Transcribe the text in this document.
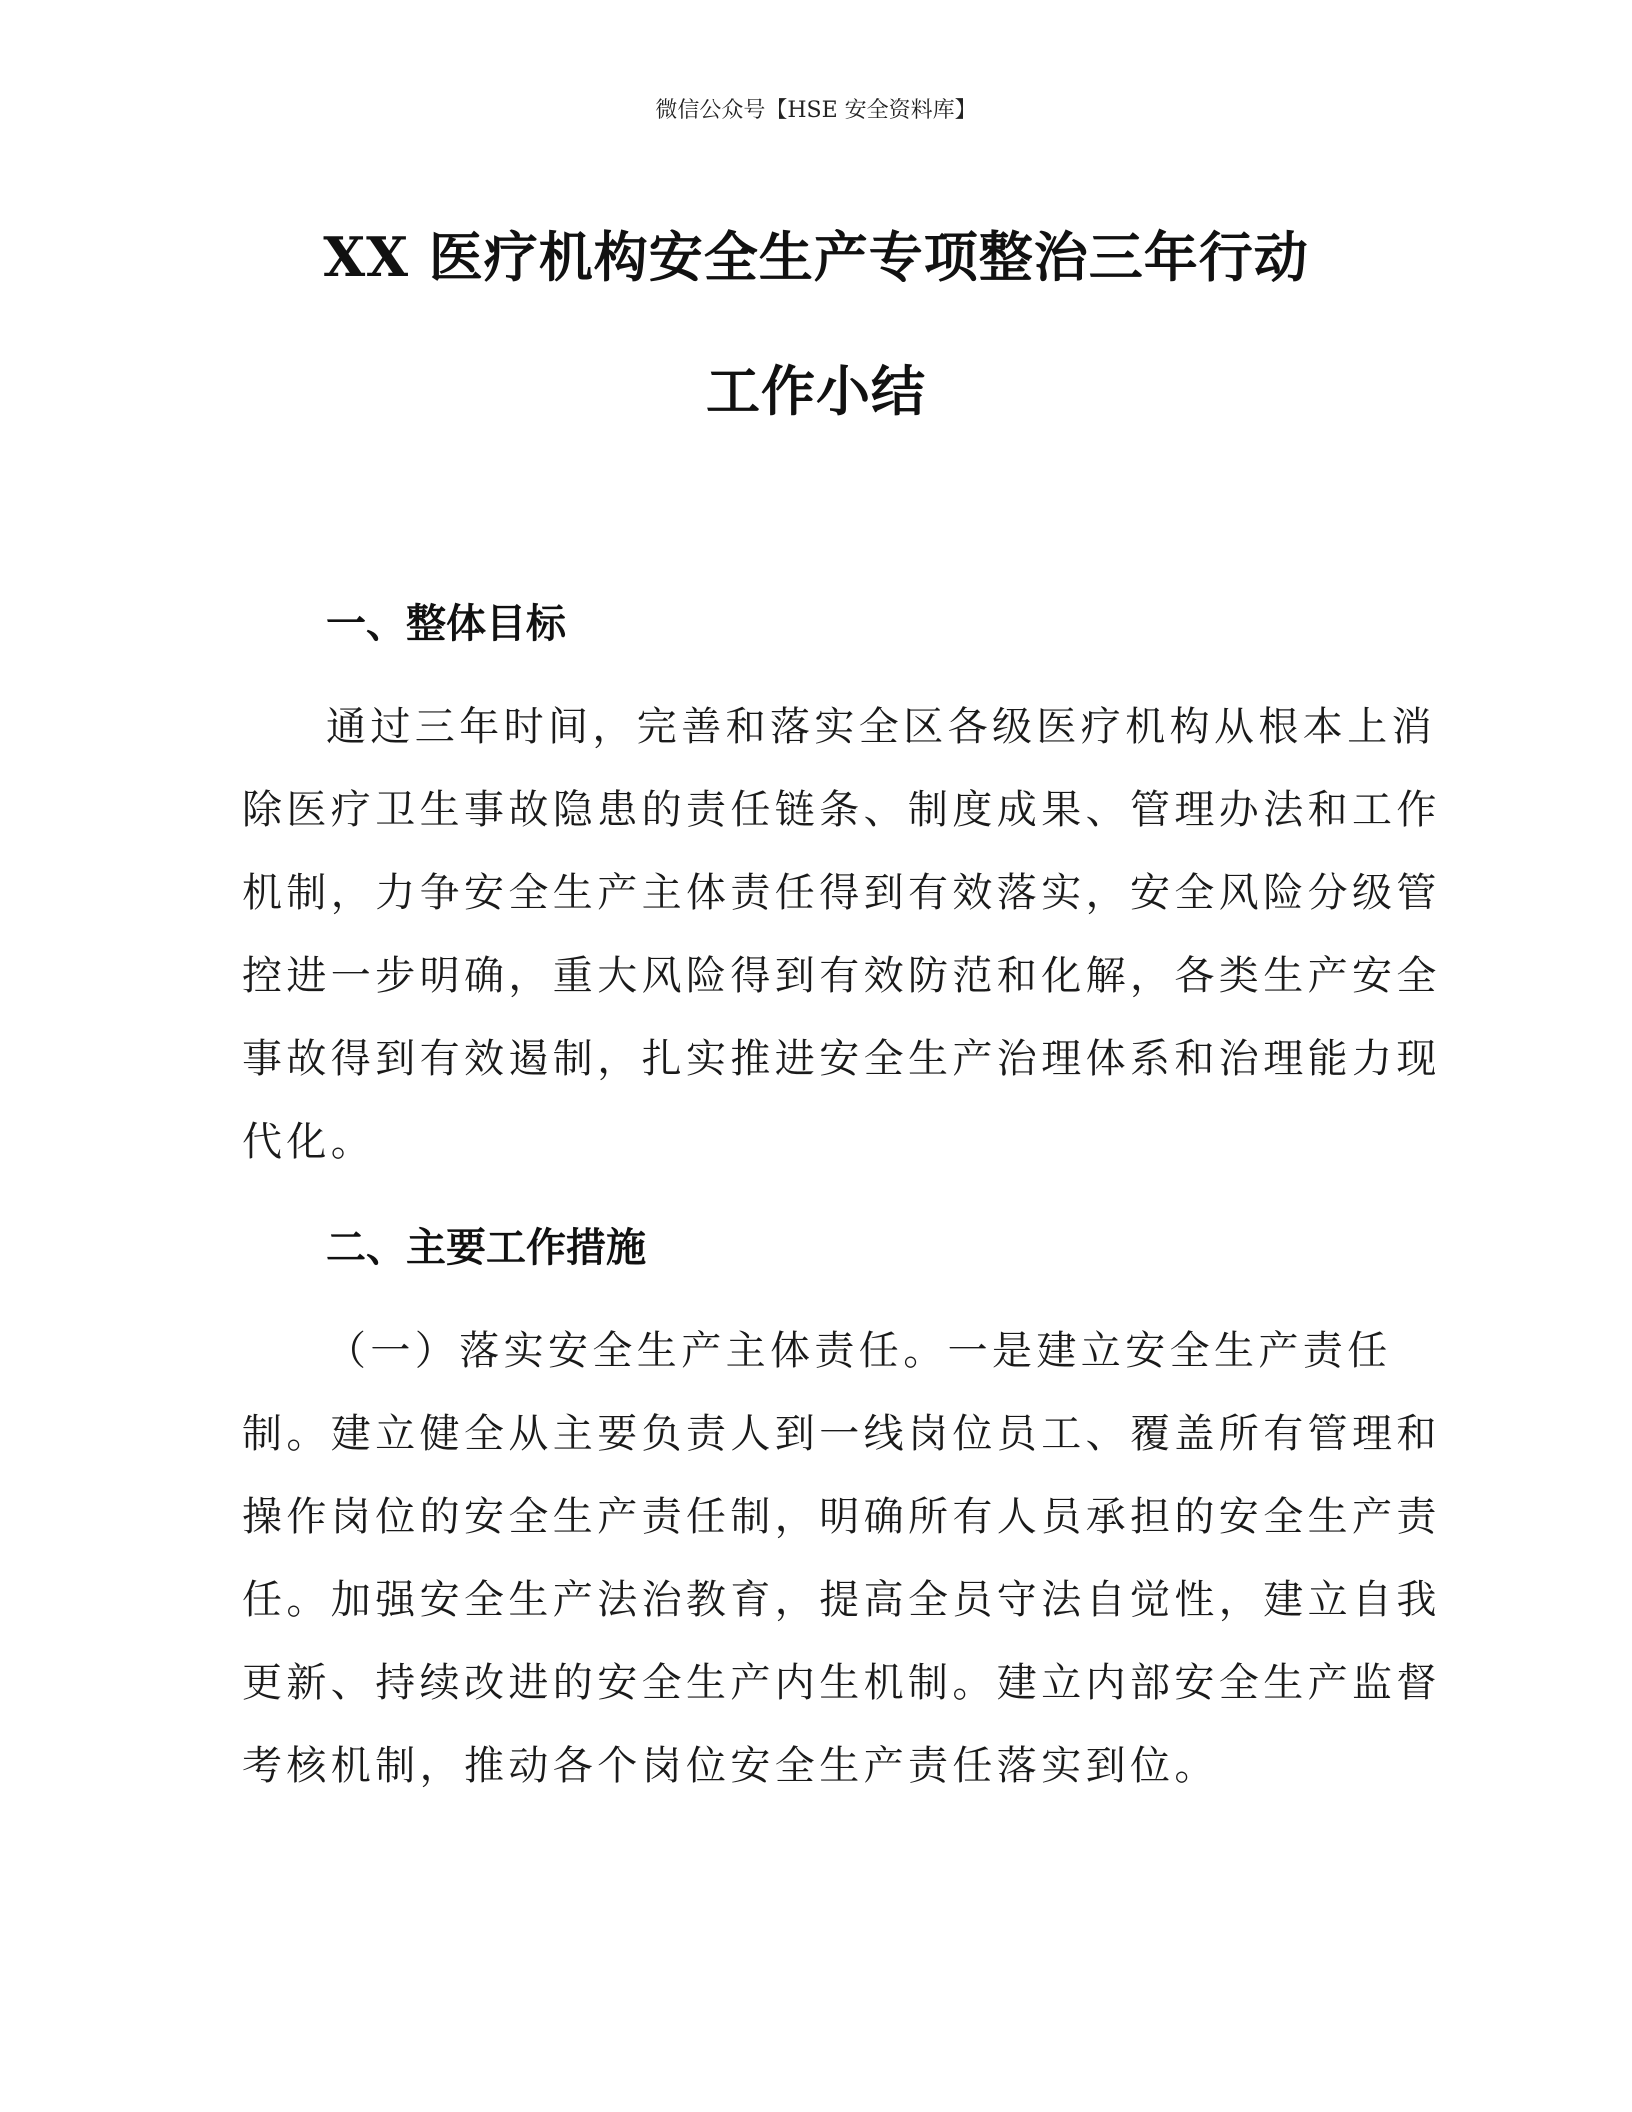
微信公众号【HSE 安全资料库】
XX 医疗机构安全生产专项整治三年行动
工作小结
一、整体目标

通过三年时间，完善和落实全区各级医疗机构从根本上消
除医疗卫生事故隐患的责任链条、制度成果、管理办法和工作
机制，力争安全生产主体责任得到有效落实，安全风险分级管
控进一步明确，重大风险得到有效防范和化解，各类生产安全
事故得到有效遏制，扎实推进安全生产治理体系和治理能力现
代化。

二、主要工作措施

（一）落实安全生产主体责任。一是建立安全生产责任
制。建立健全从主要负责人到一线岗位员工、覆盖所有管理和
操作岗位的安全生产责任制，明确所有人员承担的安全生产责
任。加强安全生产法治教育，提高全员守法自觉性，建立自我
更新、持续改进的安全生产内生机制。建立内部安全生产监督
考核机制，推动各个岗位安全生产责任落实到位。
